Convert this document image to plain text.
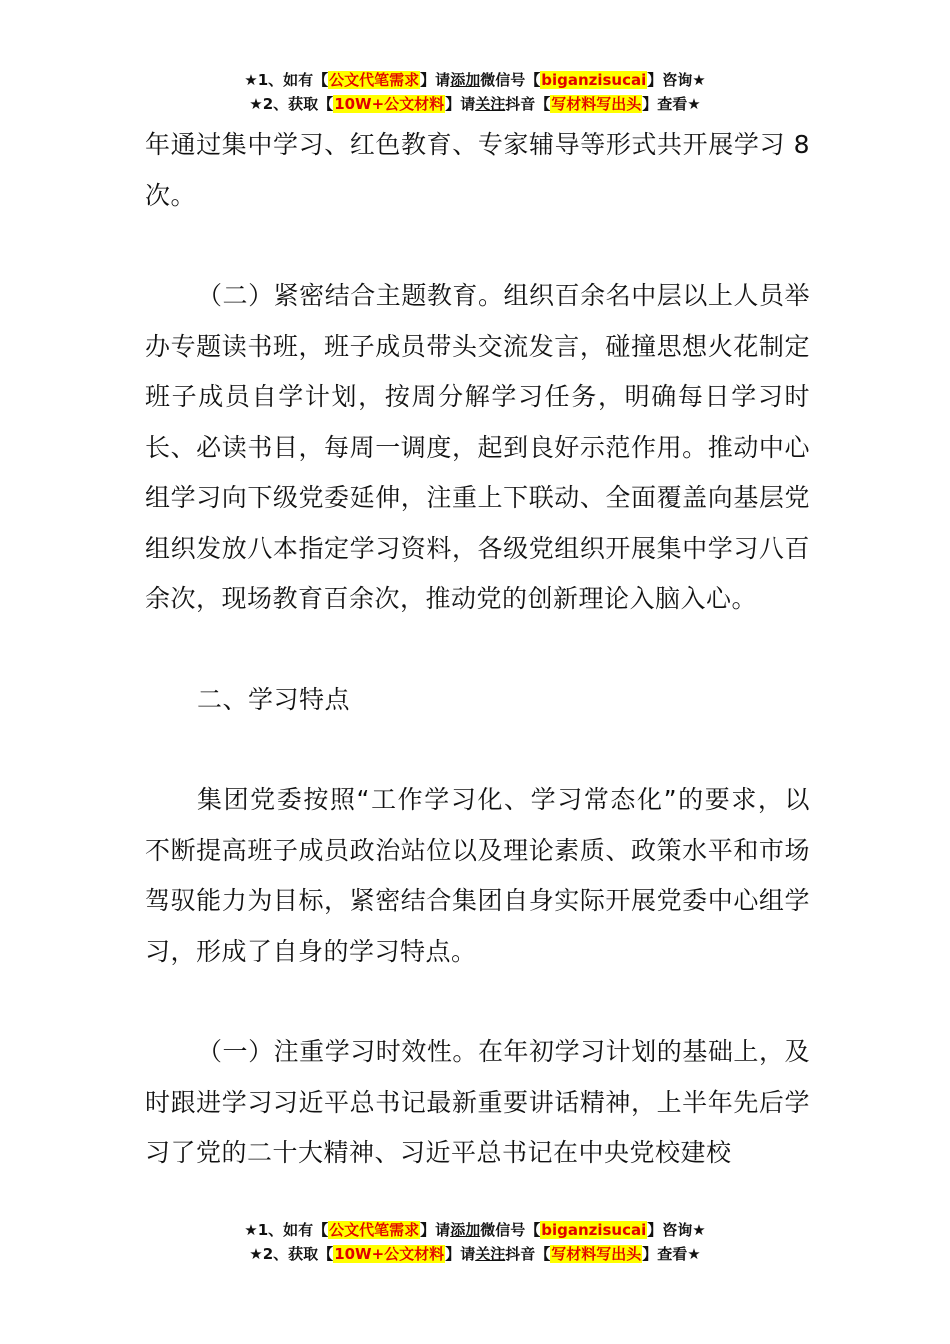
★1、如有【公文代笔需求】请添加微信号【biganzisucai】咨询★
★2、获取【10W+公文材料】请关注抖音【写材料写出头】查看★

年通过集中学习、红色教育、专家辅导等形式共开展学习 8 次。

（二）紧密结合主题教育。组织百余名中层以上人员举办专题读书班，班子成员带头交流发言，碰撞思想火花制定班子成员自学计划，按周分解学习任务，明确每日学习时长、必读书目，每周一调度，起到良好示范作用。推动中心组学习向下级党委延伸，注重上下联动、全面覆盖向基层党组织发放八本指定学习资料，各级党组织开展集中学习八百余次，现场教育百余次，推动党的创新理论入脑入心。

二、学习特点

集团党委按照“工作学习化、学习常态化”的要求，以不断提高班子成员政治站位以及理论素质、政策水平和市场驾驭能力为目标，紧密结合集团自身实际开展党委中心组学习，形成了自身的学习特点。

（一）注重学习时效性。在年初学习计划的基础上，及时跟进学习习近平总书记最新重要讲话精神，上半年先后学习了党的二十大精神、习近平总书记在中央党校建校

★1、如有【公文代笔需求】请添加微信号【biganzisucai】咨询★
★2、获取【10W+公文材料】请关注抖音【写材料写出头】查看★
